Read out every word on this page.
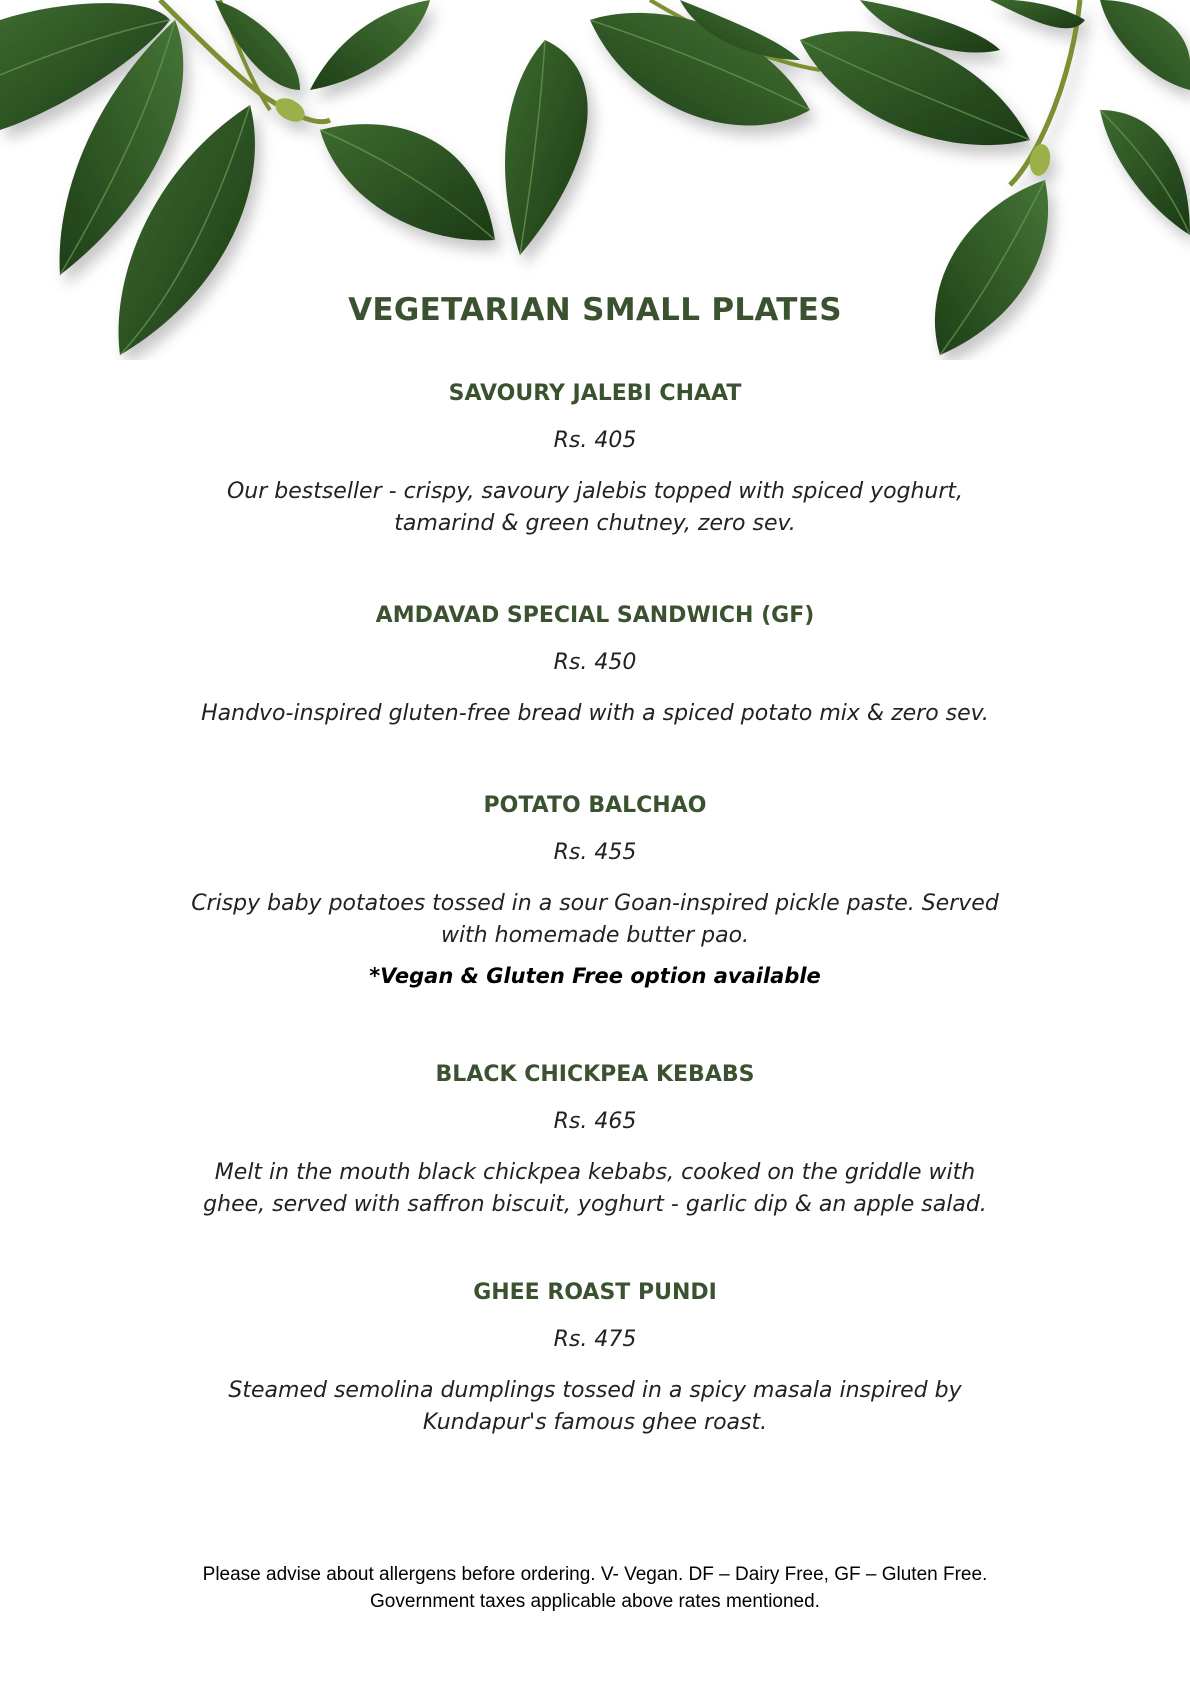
VEGETARIAN SMALL PLATES
SAVOURY JALEBI CHAAT
Rs. 405
Our bestseller - crispy, savoury jalebis topped with spiced yoghurt,
tamarind & green chutney, zero sev.
AMDAVAD SPECIAL SANDWICH (GF)
Rs. 450
Handvo-inspired gluten-free bread with a spiced potato mix & zero sev.
POTATO BALCHAO
Rs. 455
Crispy baby potatoes tossed in a sour Goan-inspired pickle paste. Served
with homemade butter pao.
*Vegan & Gluten Free option available
BLACK CHICKPEA KEBABS
Rs. 465
Melt in the mouth black chickpea kebabs, cooked on the griddle with
ghee, served with saffron biscuit, yoghurt - garlic dip & an apple salad.
GHEE ROAST PUNDI
Rs. 475
Steamed semolina dumplings tossed in a spicy masala inspired by
Kundapur's famous ghee roast.
Please advise about allergens before ordering. V- Vegan. DF – Dairy Free, GF – Gluten Free.
Government taxes applicable above rates mentioned.
